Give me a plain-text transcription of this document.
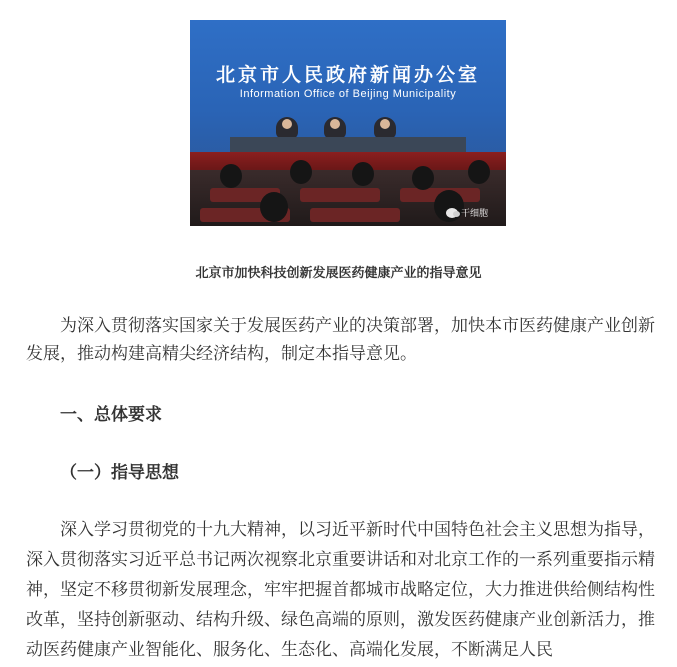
北京市人民政府新闻办公室
Information Office of Beijing Municipality
干细胞

北京市加快科技创新发展医药健康产业的指导意见

为深入贯彻落实国家关于发展医药产业的决策部署，加快本市医药健康产业创新发展，推动构建高精尖经济结构，制定本指导意见。

一、总体要求
（一）指导思想

深入学习贯彻党的十九大精神，以习近平新时代中国特色社会主义思想为指导，深入贯彻落实习近平总书记两次视察北京重要讲话和对北京工作的一系列重要指示精神，坚定不移贯彻新发展理念，牢牢把握首都城市战略定位，大力推进供给侧结构性改革，坚持创新驱动、结构升级、绿色高端的原则，激发医药健康产业创新活力，推动医药健康产业智能化、服务化、生态化、高端化发展，不断满足人民
